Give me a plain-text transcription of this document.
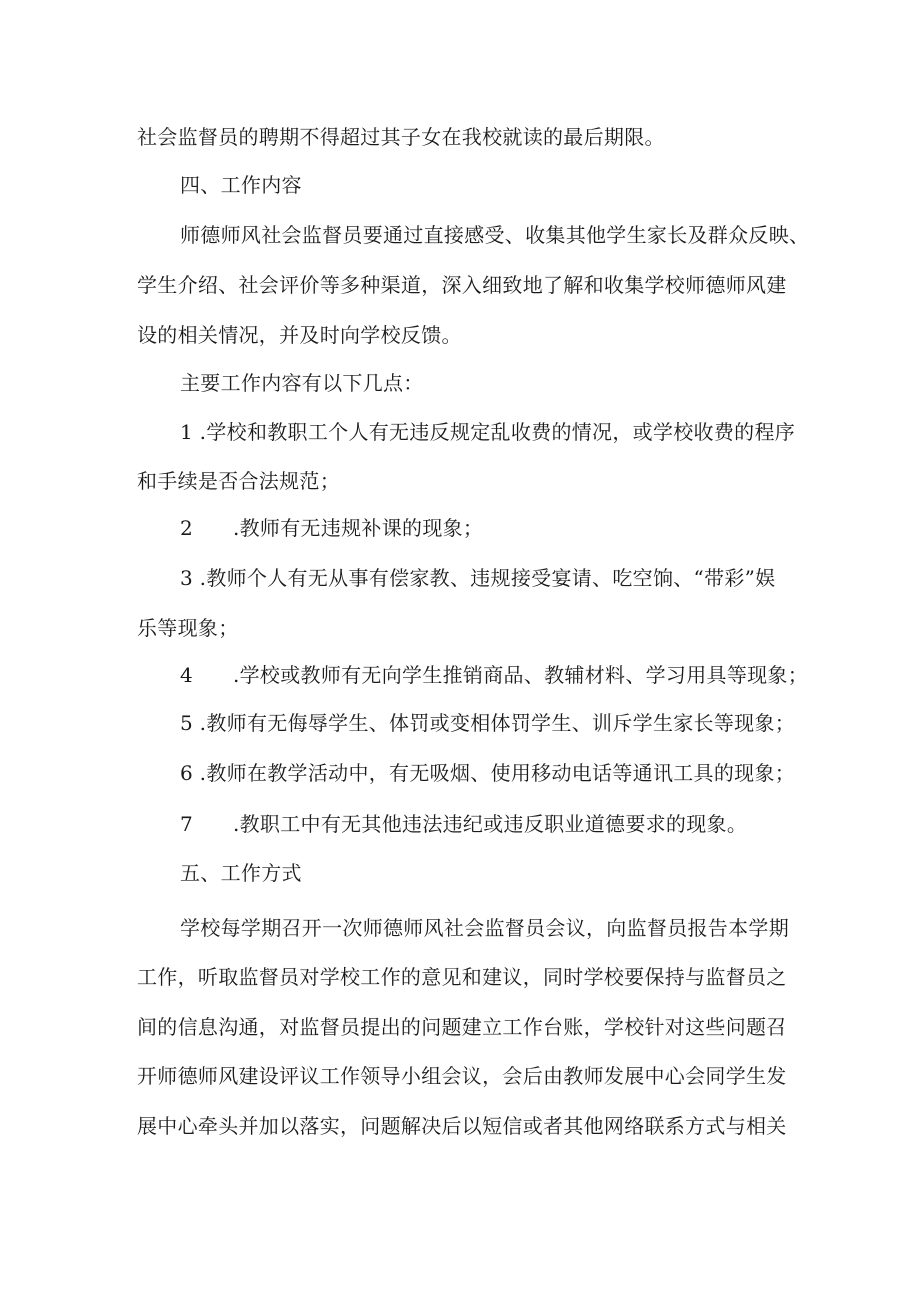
社会监督员的聘期不得超过其子女在我校就读的最后期限。
四、工作内容
师德师风社会监督员要通过直接感受、收集其他学生家长及群众反映、
学生介绍、社会评价等多种渠道，深入细致地了解和收集学校师德师风建
设的相关情况，并及时向学校反馈。
主要工作内容有以下几点：
1 .学校和教职工个人有无违反规定乱收费的情况，或学校收费的程序
和手续是否合法规范；
2      .教师有无违规补课的现象；
3 .教师个人有无从事有偿家教、违规接受宴请、吃空饷、“带彩”娱
乐等现象；
4      .学校或教师有无向学生推销商品、教辅材料、学习用具等现象；
5 .教师有无侮辱学生、体罚或变相体罚学生、训斥学生家长等现象；
6 .教师在教学活动中，有无吸烟、使用移动电话等通讯工具的现象；
7      .教职工中有无其他违法违纪或违反职业道德要求的现象。
五、工作方式
学校每学期召开一次师德师风社会监督员会议，向监督员报告本学期
工作，听取监督员对学校工作的意见和建议，同时学校要保持与监督员之
间的信息沟通，对监督员提出的问题建立工作台账，学校针对这些问题召
开师德师风建设评议工作领导小组会议，会后由教师发展中心会同学生发
展中心牵头并加以落实，问题解决后以短信或者其他网络联系方式与相关
